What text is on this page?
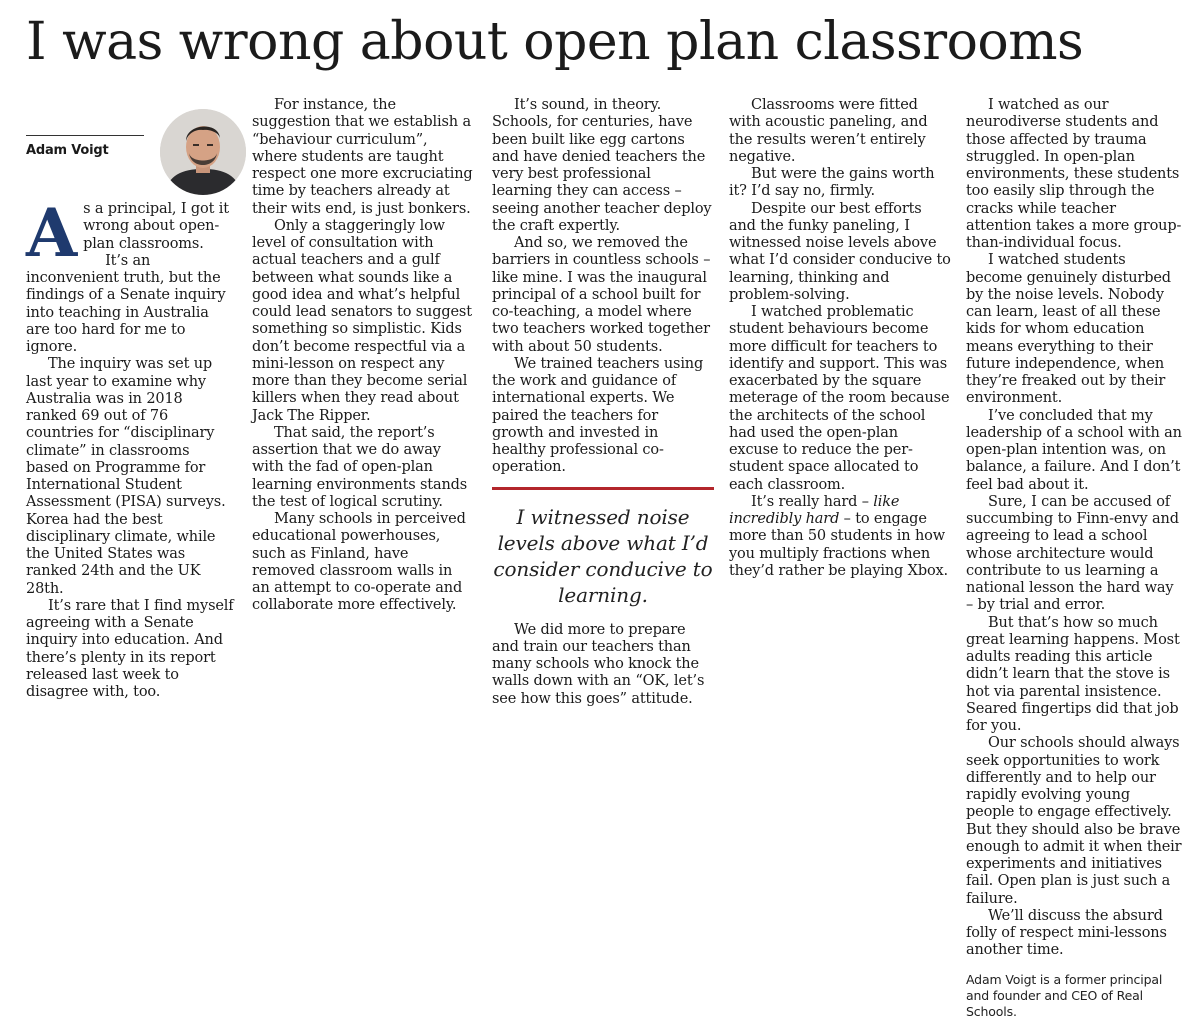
I was wrong about open plan classrooms
Adam Voigt

As a principal, I got it wrong about open-plan classrooms.

It’s an inconvenient truth, but the findings of a Senate inquiry into teaching in Australia are too hard for me to ignore.

The inquiry was set up last year to examine why Australia was in 2018 ranked 69 out of 76 countries for “disciplinary climate” in classrooms based on Programme for International Student Assessment (PISA) surveys. Korea had the best disciplinary climate, while the United States was ranked 24th and the UK 28th.

It’s rare that I find myself agreeing with a Senate inquiry into education. And there’s plenty in its report released last week to disagree with, too.

For instance, the suggestion that we establish a “behaviour curriculum”, where students are taught respect one more excruciating time by teachers already at their wits end, is just bonkers.

Only a staggeringly low level of consultation with actual teachers and a gulf between what sounds like a good idea and what’s helpful could lead senators to suggest something so simplistic. Kids don’t become respectful via a mini-lesson on respect any more than they become serial killers when they read about Jack The Ripper.

That said, the report’s assertion that we do away with the fad of open-plan learning environments stands the test of logical scrutiny.

Many schools in perceived educational powerhouses, such as Finland, have removed classroom walls in an attempt to co-operate and collaborate more effectively.

It’s sound, in theory. Schools, for centuries, have been built like egg cartons and have denied teachers the very best professional learning they can access – seeing another teacher deploy the craft expertly.

And so, we removed the barriers in countless schools – like mine. I was the inaugural principal of a school built for co-teaching, a model where two teachers worked together with about 50 students.

We trained teachers using the work and guidance of international experts. We paired the teachers for growth and invested in healthy professional co-operation.

I witnessed noise levels above what I’d consider conducive to learning.

We did more to prepare and train our teachers than many schools who knock the walls down with an “OK, let’s see how this goes” attitude.

Classrooms were fitted with acoustic paneling, and the results weren’t entirely negative.

But were the gains worth it? I’d say no, firmly.

Despite our best efforts and the funky paneling, I witnessed noise levels above what I’d consider conducive to learning, thinking and problem-solving.

I watched problematic student behaviours become more difficult for teachers to identify and support. This was exacerbated by the square meterage of the room because the architects of the school had used the open-plan excuse to reduce the per-student space allocated to each classroom.

It’s really hard – like incredibly hard – to engage more than 50 students in how you multiply fractions when they’d rather be playing Xbox.

I watched as our neurodiverse students and those affected by trauma struggled. In open-plan environments, these students too easily slip through the cracks while teacher attention takes a more group-than-individual focus.

I watched students become genuinely disturbed by the noise levels. Nobody can learn, least of all these kids for whom education means everything to their future independence, when they’re freaked out by their environment.

I’ve concluded that my leadership of a school with an open-plan intention was, on balance, a failure. And I don’t feel bad about it.

Sure, I can be accused of succumbing to Finn-envy and agreeing to lead a school whose architecture would contribute to us learning a national lesson the hard way – by trial and error.

But that’s how so much great learning happens. Most adults reading this article didn’t learn that the stove is hot via parental insistence. Seared fingertips did that job for you.

Our schools should always seek opportunities to work differently and to help our rapidly evolving young people to engage effectively. But they should also be brave enough to admit it when their experiments and initiatives fail. Open plan is just such a failure.

We’ll discuss the absurd folly of respect mini-lessons another time.

Adam Voigt is a former principal and founder and CEO of Real Schools.
